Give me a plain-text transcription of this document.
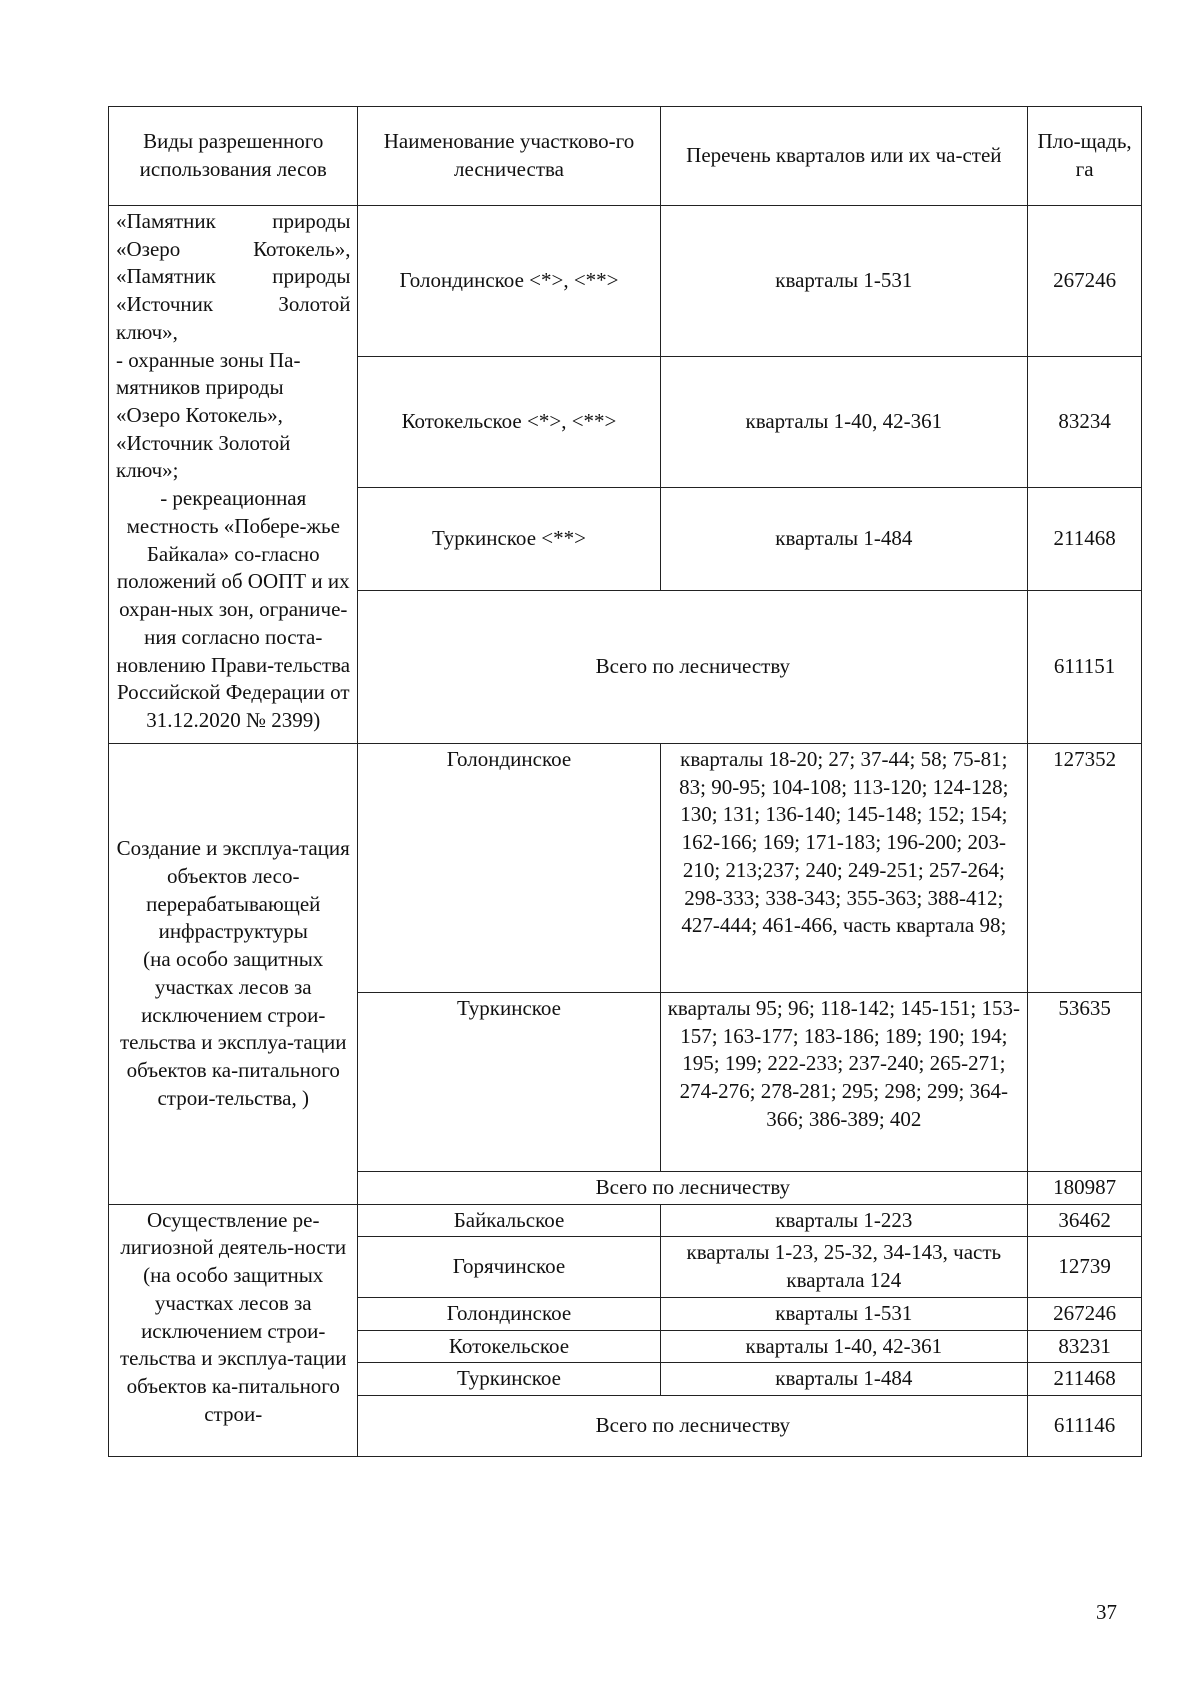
Виды разрешенного использования лесов	Наименование участково-го лесничества	Перечень кварталов или их ча-стей	Пло-щадь, га

«Памятник природы «Озеро Котокель», «Памятник природы «Источник Золотой ключ»,
- охранные зоны Па-мятников природы «Озеро Котокель», «Источник Золотой ключ»;
- рекреационная местность «Побере-жье Байкала» со-гласно положений об ООПТ и их охран-ных зон, ограниче-ния согласно поста-новлению Прави-тельства Российской Федерации от 31.12.2020 № 2399)	Голондинское <*>, <**>	кварталы 1-531	267246
	Котокельское <*>, <**>	кварталы 1-40, 42-361	83234
	Туркинское <**>	кварталы 1-484	211468
	Всего по лесничеству		611151

Создание и эксплуа-тация объектов лесо-перерабатывающей инфраструктуры
(на особо защитных участках лесов за исключением строи-тельства и эксплуа-тации объектов ка-питального строи-тельства, )	Голондинское	кварталы 18-20; 27; 37-44; 58; 75-81; 83; 90-95; 104-108; 113-120; 124-128; 130; 131; 136-140; 145-148; 152; 154; 162-166; 169; 171-183; 196-200; 203-210; 213;237; 240; 249-251; 257-264; 298-333; 338-343; 355-363; 388-412; 427-444; 461-466, часть квартала 98;	127352
	Туркинское	кварталы 95; 96; 118-142; 145-151; 153-157; 163-177; 183-186; 189; 190; 194; 195; 199; 222-233; 237-240; 265-271; 274-276; 278-281; 295; 298; 299; 364-366; 386-389; 402	53635
	Всего по лесничеству		180987

Осуществление ре-лигиозной деятель-ности
(на особо защитных участках лесов за исключением строи-тельства и эксплуа-тации объектов ка-питального строи-	Байкальское	кварталы 1-223	36462
	Горячинское	кварталы 1-23, 25-32, 34-143, часть квартала 124	12739
	Голондинское	кварталы 1-531	267246
	Котокельское	кварталы 1-40, 42-361	83231
	Туркинское	кварталы 1-484	211468
	Всего по лесничеству		611146
37
